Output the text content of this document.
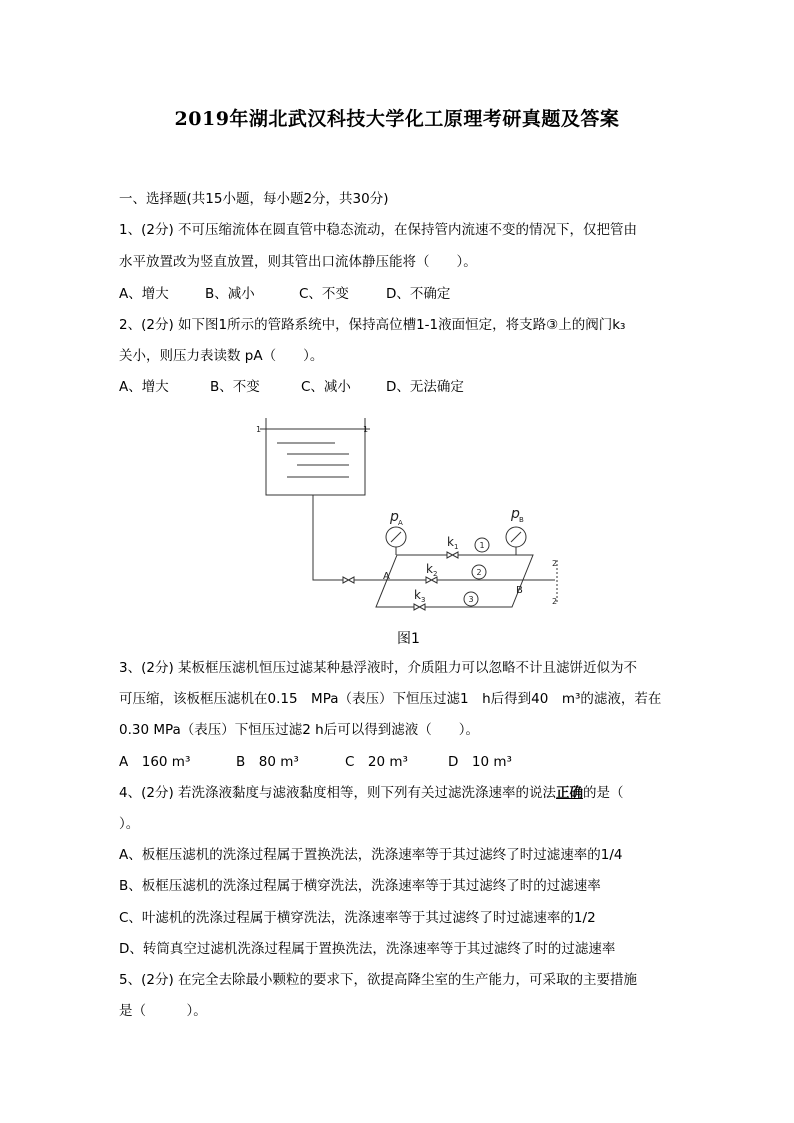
2019年湖北武汉科技大学化工原理考研真题及答案
一、选择题(共15小题，每小题2分，共30分)
1、(2分) 不可压缩流体在圆直管中稳态流动，在保持管内流速不变的情况下，仅把管由
水平放置改为竖直放置，则其管出口流体静压能将（　　）。
A、增大	B、减小	C、不变	D、不确定
2、(2分) 如下图1所示的管路系统中，保持高位槽1-1液面恒定，将支路③上的阀门k₃
关小，则压力表读数 pA（　　）。
A、增大	B、不变	C、减小	D、无法确定
1	1
p A
p B
A
B
k 1
k 2
k 3
1
2
3
2
2
图1
3、(2分) 某板框压滤机恒压过滤某种悬浮液时，介质阻力可以忽略不计且滤饼近似为不
可压缩，该板框压滤机在0.15　MPa（表压）下恒压过滤1　h后得到40　m³的滤液，若在
0.30 MPa（表压）下恒压过滤2 h后可以得到滤液（　　）。
A　160 m³	B　80 m³	C　20 m³	D　10 m³
4、(2分) 若洗涤液黏度与滤液黏度相等，则下列有关过滤洗涤速率的说法正确的是（
）。
A、板框压滤机的洗涤过程属于置换洗法，洗涤速率等于其过滤终了时过滤速率的1/4
B、板框压滤机的洗涤过程属于横穿洗法，洗涤速率等于其过滤终了时的过滤速率
C、叶滤机的洗涤过程属于横穿洗法，洗涤速率等于其过滤终了时过滤速率的1/2
D、转筒真空过滤机洗涤过程属于置换洗法，洗涤速率等于其过滤终了时的过滤速率
5、(2分) 在完全去除最小颗粒的要求下，欲提高降尘室的生产能力，可采取的主要措施
是（　　　）。
